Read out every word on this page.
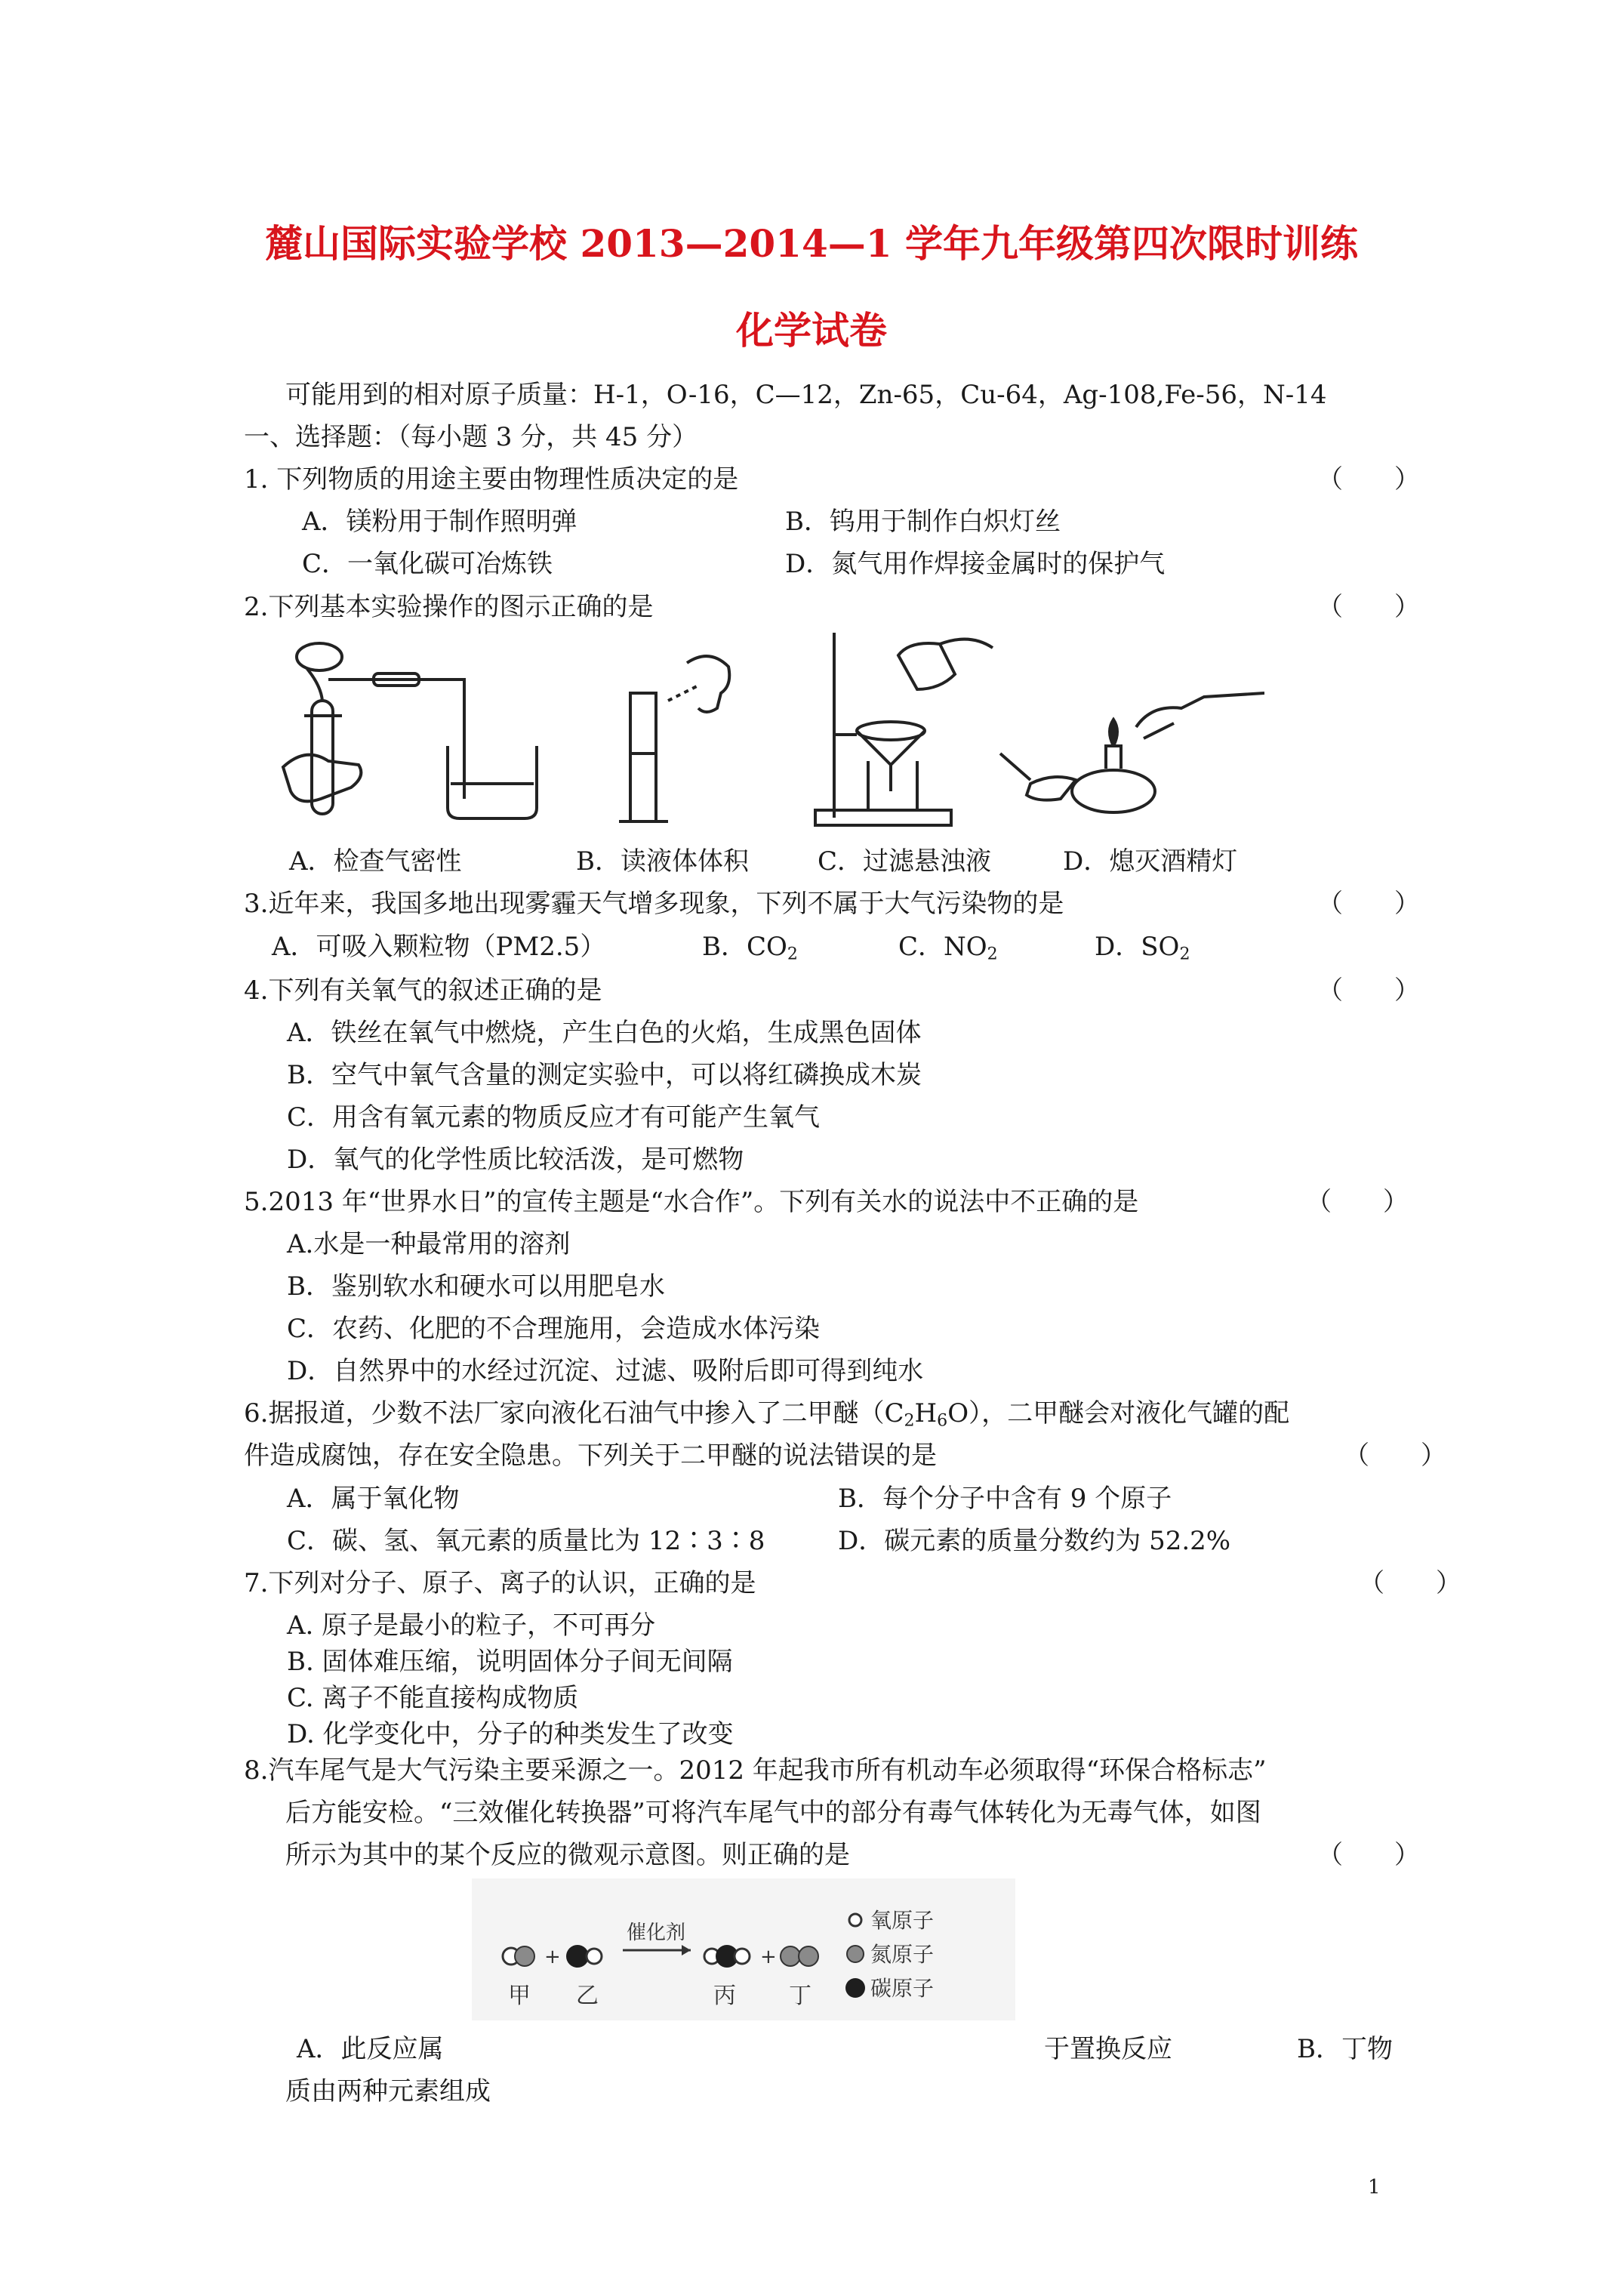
麓山国际实验学校 2013—2014—1 学年九年级第四次限时训练
化学试卷
可能用到的相对原子质量：H-1，O-16，C—12，Zn-65，Cu-64，Ag-108,Fe-56，N-14
一、选择题：（每小题 3 分，共 45 分）
1. 下列物质的用途主要由物理性质决定的是	（　　）
A．镁粉用于制作照明弹	B．钨用于制作白炽灯丝
C．一氧化碳可冶炼铁	D．氮气用作焊接金属时的保护气
2.下列基本实验操作的图示正确的是	（　　）
A．检查气密性	B．读液体体积	C．过滤悬浊液	D．熄灭酒精灯
3.近年来，我国多地出现雾霾天气增多现象，下列不属于大气污染物的是	（　　）
A．可吸入颗粒物（PM2.5）	B．$CO_2$	C．$NO_2$	D．$SO_2$
4.下列有关氧气的叙述正确的是	（　　）
A．铁丝在氧气中燃烧，产生白色的火焰，生成黑色固体
B．空气中氧气含量的测定实验中，可以将红磷换成木炭
C．用含有氧元素的物质反应才有可能产生氧气
D．氧气的化学性质比较活泼，是可燃物
5.2013 年“世界水日”的宣传主题是“水合作”。下列有关水的说法中不正确的是	（　　）
A.水是一种最常用的溶剂
B．鉴别软水和硬水可以用肥皂水
C．农药、化肥的不合理施用，会造成水体污染
D．自然界中的水经过沉淀、过滤、吸附后即可得到纯水
6.据报道，少数不法厂家向液化石油气中掺入了二甲醚$(C_2H_6O)$，二甲醚会对液化气罐的配
件造成腐蚀，存在安全隐患。下列关于二甲醚的说法错误的是	（　　）
A．属于氧化物	B．每个分子中含有 9 个原子
C．碳、氢、氧元素的质量比为 12∶3∶8	D．碳元素的质量分数约为 52.2%
7.下列对分子、原子、离子的认识，正确的是	（　　）
A. 原子是最小的粒子，不可再分
B. 固体难压缩，说明固体分子间无间隔
C. 离子不能直接构成物质
D. 化学变化中，分子的种类发生了改变
8.汽车尾气是大气污染主要采源之一。2012 年起我市所有机动车必须取得“环保合格标志”
后方能安检。“三效催化转换器”可将汽车尾气中的部分有毒气体转化为无毒气体，如图
所示为其中的某个反应的微观示意图。则正确的是	（　　）
+
催化剂
+
甲 乙	丙 丁
氧原子
氮原子
碳原子
A．此反应属	于置换反应	B．丁物
质由两种元素组成
1
